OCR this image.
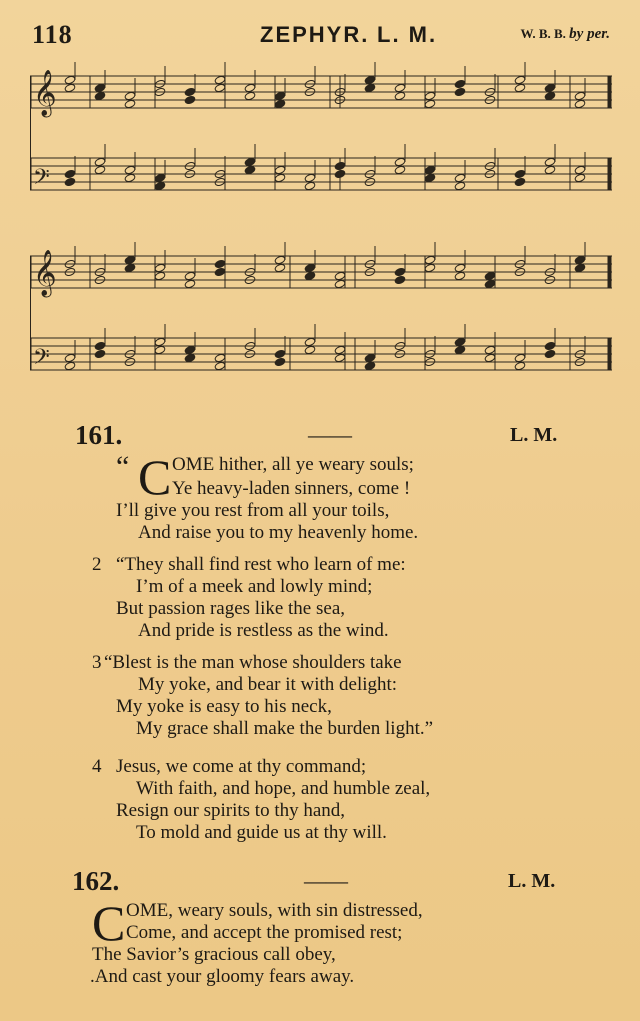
118	ZEPHYR. L. M.	W. B. B. by per.
𝄞
𝄢
𝄞
𝄢
161.	——	L. M.
“ C OME hither, all ye weary souls;
Ye heavy-laden sinners, come !
I’ll give you rest from all your toils,
And raise you to my heavenly home.
2 “They shall find rest who learn of me:
I’m of a meek and lowly mind;
But passion rages like the sea,
And pride is restless as the wind.
3 “Blest is the man whose shoulders take
My yoke, and bear it with delight:
My yoke is easy to his neck,
My grace shall make the burden light.”
4 Jesus, we come at thy command;
With faith, and hope, and humble zeal,
Resign our spirits to thy hand,
To mold and guide us at thy will.
162.	——	L. M.
C OME, weary souls, with sin distressed,
Come, and accept the promised rest;
The Savior’s gracious call obey,
.And cast your gloomy fears away.
